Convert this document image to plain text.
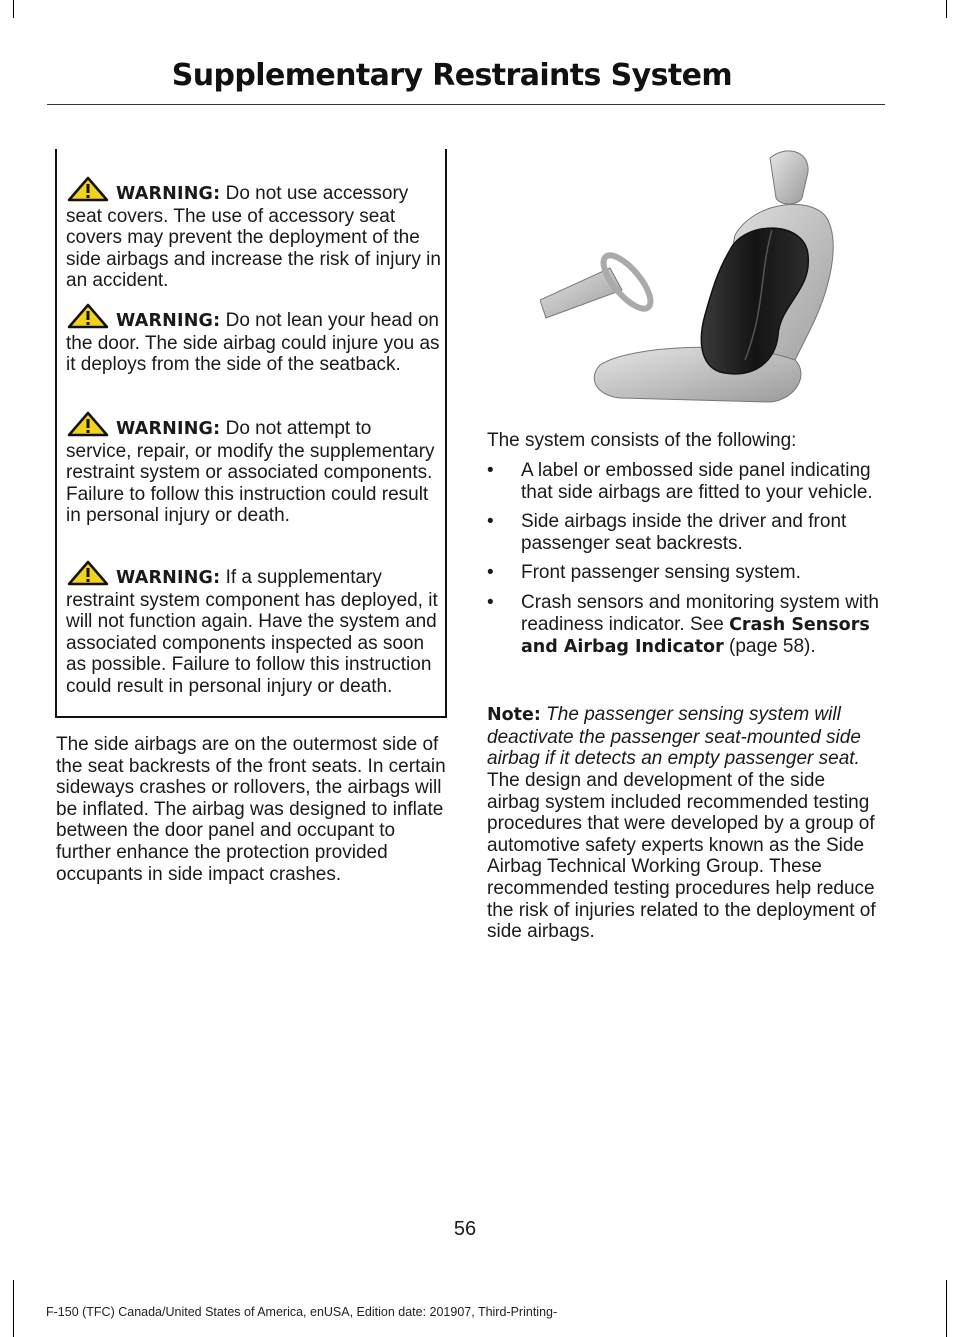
Supplementary Restraints System
WARNING: Do not use accessory seat covers. The use of accessory seat covers may prevent the deployment of the side airbags and increase the risk of injury in an accident.
WARNING: Do not lean your head on the door. The side airbag could injure you as it deploys from the side of the seatback.
WARNING: Do not attempt to service, repair, or modify the supplementary restraint system or associated components. Failure to follow this instruction could result in personal injury or death.
WARNING: If a supplementary restraint system component has deployed, it will not function again. Have the system and associated components inspected as soon as possible. Failure to follow this instruction could result in personal injury or death.
The side airbags are on the outermost side of the seat backrests of the front seats. In certain sideways crashes or rollovers, the airbags will be inflated. The airbag was designed to inflate between the door panel and occupant to further enhance the protection provided occupants in side impact crashes.
The system consists of the following:
• A label or embossed side panel indicating that side airbags are fitted to your vehicle.
• Side airbags inside the driver and front passenger seat backrests.
• Front passenger sensing system.
• Crash sensors and monitoring system with readiness indicator. See Crash Sensors and Airbag Indicator (page 58).
Note: The passenger sensing system will deactivate the passenger seat-mounted side airbag if it detects an empty passenger seat.
The design and development of the side airbag system included recommended testing procedures that were developed by a group of automotive safety experts known as the Side Airbag Technical Working Group. These recommended testing procedures help reduce the risk of injuries related to the deployment of side airbags.
56
F-150 (TFC) Canada/United States of America, enUSA, Edition date: 201907, Third-Printing-
